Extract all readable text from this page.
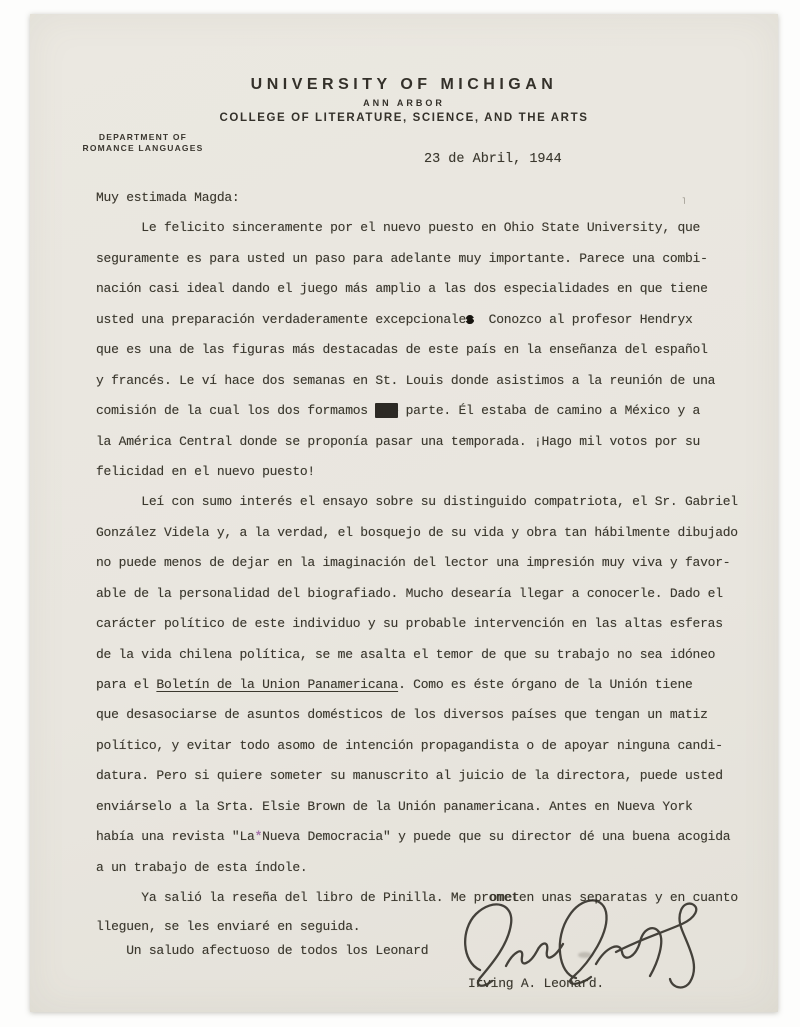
UNIVERSITY OF MICHIGAN
ANN ARBOR
COLLEGE OF LITERATURE, SCIENCE, AND THE ARTS
DEPARTMENT OF
ROMANCE LANGUAGES
23 de Abril, 1944
˥
Muy estimada Magda:
Le felicito sinceramente por el nuevo puesto en Ohio State University, que
seguramente es para usted un paso para adelante muy importante. Parece una combi-
nación casi ideal dando el juego más amplio a las dos especialidades en que tiene
usted una preparación verdaderamente excepcionales  Conozco al profesor Hendryx
que es una de las figuras más destacadas de este país en la enseñanza del español
y francés. Le ví hace dos semanas en St. Louis donde asistimos a la reunión de una
comisión de la cual los dos formamos mmm parte. Él estaba de camino a México y a
la América Central donde se proponía pasar una temporada. ¡Hago mil votos por su
felicidad en el nuevo puesto!
Leí con sumo interés el ensayo sobre su distinguido compatriota, el Sr. Gabriel
González Videla y, a la verdad, el bosquejo de su vida y obra tan hábilmente dibujado
no puede menos de dejar en la imaginación del lector una impresión muy viva y favor-
able de la personalidad del biografiado. Mucho desearía llegar a conocerle. Dado el
carácter político de este individuo y su probable intervención en las altas esferas
de la vida chilena política, se me asalta el temor de que su trabajo no sea idóneo
para el Boletín de la Union Panamericana. Como es éste órgano de la Unión tiene
que desasociarse de asuntos domésticos de los diversos países que tengan un matiz
político, y evitar todo asomo de intención propagandista o de apoyar ninguna candi-
datura. Pero si quiere someter su manuscrito al juicio de la directora, puede usted
enviárselo a la Srta. Elsie Brown de la Unión panamericana. Antes en Nueva York
había una revista "La*Nueva Democracia" y puede que su director dé una buena acogida
a un trabajo de esta índole.
Ya salió la reseña del libro de Pinilla. Me prometen unas separatas y en cuanto
lleguen, se les enviaré en seguida.
Un saludo afectuoso de todos los Leonard
Irving A. Leonard.
